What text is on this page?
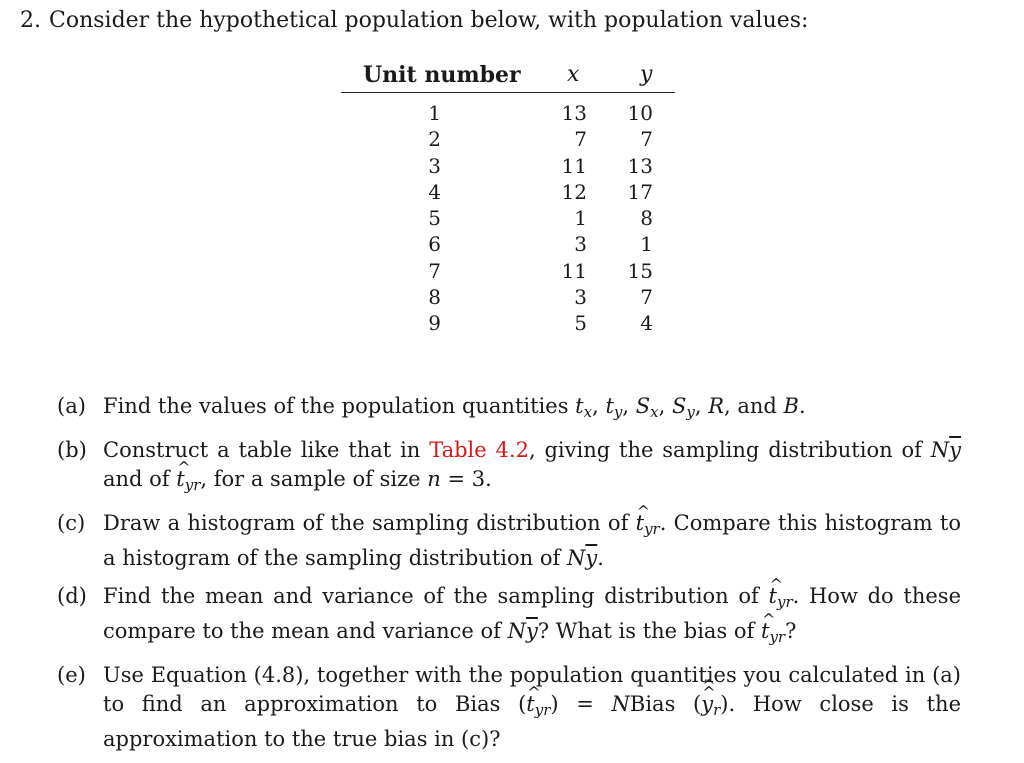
2. Consider the hypothetical population below, with population values:
Unit number x	y
1	13 10
2	7	7
3	11 13
4	12 17
5	1	8
6	3	1
7	11 15
8	3	7
9	5	4
(a) Find the values of the population quantities $t_x$, $t_y$, $S_x$, $S_y$, R, and B.
(b) Construct a table like that in Table 4.2, giving the sampling distribution of $N\overline{y}$ and of ^ $t_{yr}$, for a sample of size n = 3.
(c) Draw a histogram of the sampling distribution of ^ $t_{yr}$. Compare this histogram to a histogram of the sampling distribution of $N\overline{y}$.
(d) Find the mean and variance of the sampling distribution of ^ $t_{yr}$. How do these compare to the mean and variance of $N\overline{y}$? What is the bias of ^ $t_{yr}$?
(e) Use Equation (4.8), together with the population quantities you calculated in (a) to find an approximation to Bias (^ $t_{yr}$) = NBias (^ y $\^{}_r$). How close is the approximation to the true bias in (c)?
